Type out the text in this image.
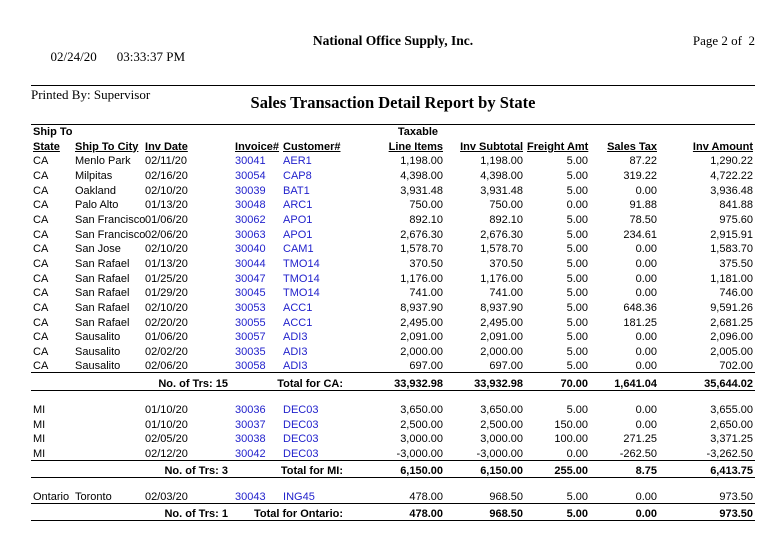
02/24/20 03:33:37 PM

National Office Supply, Inc.	Page 2 of  2
Printed By: Supervisor	Sales Transaction Detail Report by State
Ship To					Taxable				
State	Ship To City	Inv Date	Invoice#	Customer#	Line Items	Inv Subtotal	Freight Amt	Sales Tax	Inv Amount
CA	Menlo Park	02/11/20	30041	AER1	1,198.00	1,198.00	5.00	87.22	1,290.22
CA	Milpitas	02/16/20	30054	CAP8	4,398.00	4,398.00	5.00	319.22	4,722.22
CA	Oakland	02/10/20	30039	BAT1	3,931.48	3,931.48	5.00	0.00	3,936.48
CA	Palo Alto	01/13/20	30048	ARC1	750.00	750.00	0.00	91.88	841.88
CA	San Francisco	01/06/20	30062	APO1	892.10	892.10	5.00	78.50	975.60
CA	San Francisco	02/06/20	30063	APO1	2,676.30	2,676.30	5.00	234.61	2,915.91
CA	San Jose	02/10/20	30040	CAM1	1,578.70	1,578.70	5.00	0.00	1,583.70
CA	San Rafael	01/13/20	30044	TMO14	370.50	370.50	5.00	0.00	375.50
CA	San Rafael	01/25/20	30047	TMO14	1,176.00	1,176.00	5.00	0.00	1,181.00
CA	San Rafael	01/29/20	30045	TMO14	741.00	741.00	5.00	0.00	746.00
CA	San Rafael	02/10/20	30053	ACC1	8,937.90	8,937.90	5.00	648.36	9,591.26
CA	San Rafael	02/20/20	30055	ACC1	2,495.00	2,495.00	5.00	181.25	2,681.25
CA	Sausalito	01/06/20	30057	ADI3	2,091.00	2,091.00	5.00	0.00	2,096.00
CA	Sausalito	02/02/20	30035	ADI3	2,000.00	2,000.00	5.00	0.00	2,005.00
CA	Sausalito	02/06/20	30058	ADI3	697.00	697.00	5.00	0.00	702.00
	No. of Trs: 15		Total for CA:		33,932.98	33,932.98	70.00	1,641.04	35,644.02

MI		01/10/20	30036	DEC03	3,650.00	3,650.00	5.00	0.00	3,655.00
MI		01/10/20	30037	DEC03	2,500.00	2,500.00	150.00	0.00	2,650.00
MI		02/05/20	30038	DEC03	3,000.00	3,000.00	100.00	271.25	3,371.25
MI		02/12/20	30042	DEC03	-3,000.00	-3,000.00	0.00	-262.50	-3,262.50
	No. of Trs: 3		Total for MI:		6,150.00	6,150.00	255.00	8.75	6,413.75

Ontario	Toronto	02/03/20	30043	ING45	478.00	968.50	5.00	0.00	973.50
	No. of Trs: 1		Total for Ontario:		478.00	968.50	5.00	0.00	973.50
